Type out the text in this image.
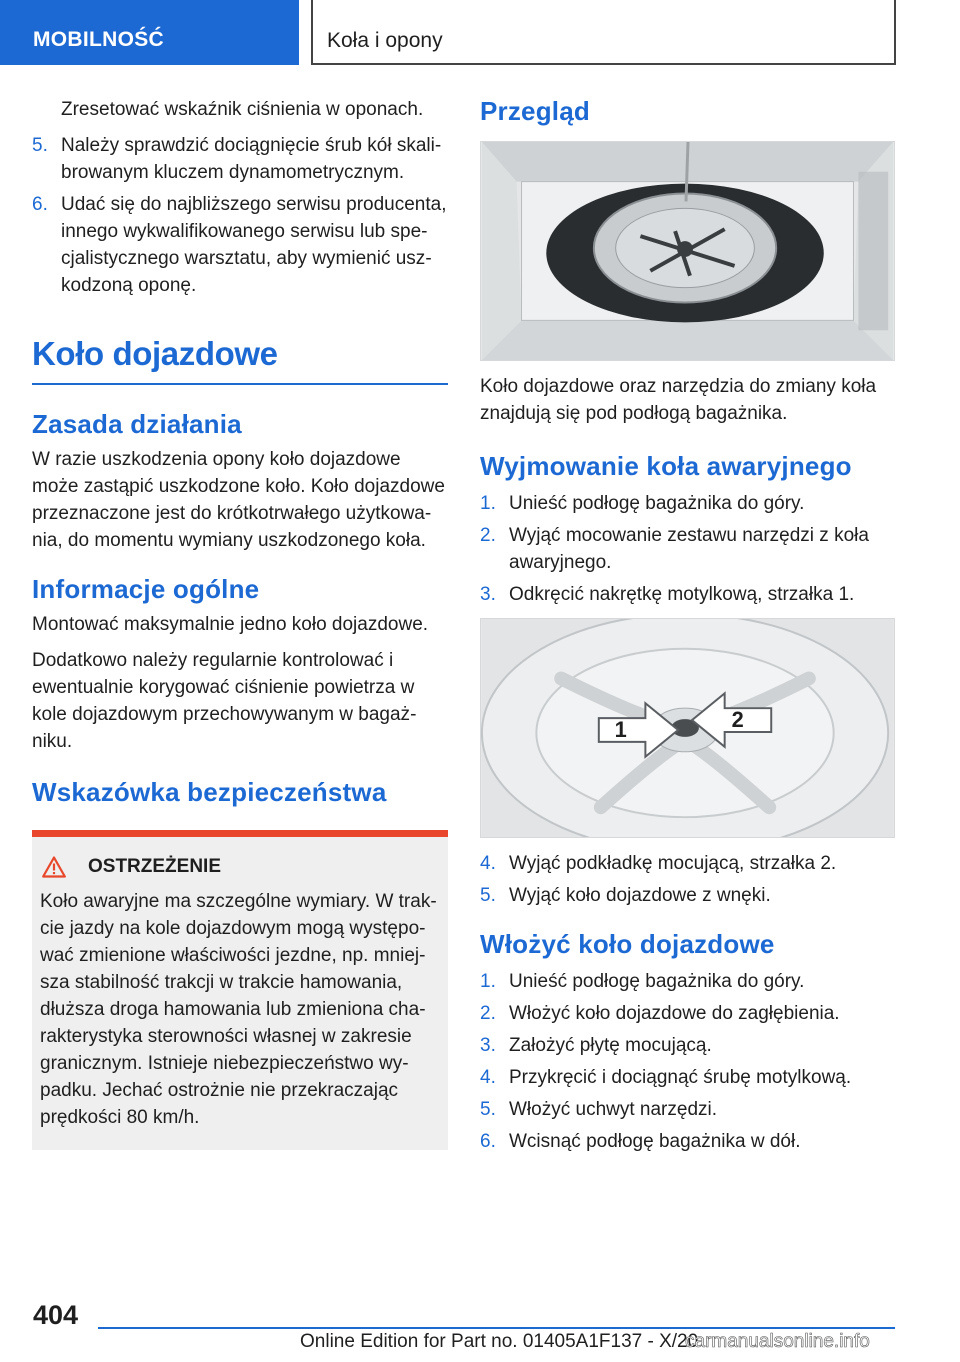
MOBILNOŚĆ	Koła i opony

Zresetować wskaźnik ciśnienia w oponach.

5. Należy sprawdzić dociągnięcie śrub kół skalibrowanym kluczem dynamometrycznym.
6. Udać się do najbliższego serwisu producenta, innego wykwalifikowanego serwisu lub specjalistycznego warsztatu, aby wymienić uszkodzoną oponę.
Koło dojazdowe
Zasada działania

W razie uszkodzenia opony koło dojazdowe może zastąpić uszkodzone koło. Koło dojazdowe przeznaczone jest do krótkotrwałego użytkowania, do momentu wymiany uszkodzonego koła.

Informacje ogólne

Montować maksymalnie jedno koło dojazdowe.

Dodatkowo należy regularnie kontrolować i ewentualnie korygować ciśnienie powietrza w kole dojazdowym przechowywanym w bagażniku.

Wskazówka bezpieczeństwa
OSTRZEŻENIE

Koło awaryjne ma szczególne wymiary. W trakcie jazdy na kole dojazdowym mogą występować zmienione właściwości jezdne, np. mniejsza stabilność trakcji w trakcie hamowania, dłuższa droga hamowania lub zmieniona charakterystyka sterowności własnej w zakresie granicznym. Istnieje niebezpieczeństwo wypadku. Jechać ostrożnie nie przekraczając prędkości 80 km/h.

Przegląd

Koło dojazdowe oraz narzędzia do zmiany koła znajdują się pod podłogą bagażnika.

Wyjmowanie koła awaryjnego
1. Unieść podłogę bagażnika do góry.
2. Wyjąć mocowanie zestawu narzędzi z koła awaryjnego.
3. Odkręcić nakrętkę motylkową, strzałka 1.
1	2
4. Wyjąć podkładkę mocującą, strzałka 2.
5. Wyjąć koło dojazdowe z wnęki.
Włożyć koło dojazdowe
1. Unieść podłogę bagażnika do góry.
2. Włożyć koło dojazdowe do zagłębienia.
3. Założyć płytę mocującą.
4. Przykręcić i dociągnąć śrubę motylkową.
5. Włożyć uchwyt narzędzi.
6. Wcisnąć podłogę bagażnika w dół.
404
Online Edition for Part no. 01405A1F137 - X/20
carmanualsonline.info
